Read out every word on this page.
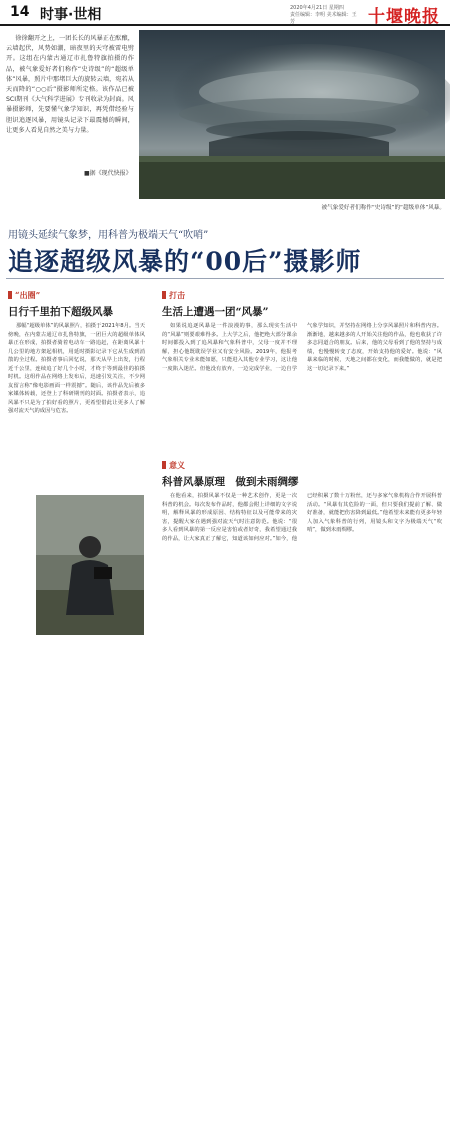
14 时事·世相	2020年4月21日 星期四
责任编辑：李明 美术编辑：王芳	十堰晚报
徐徐翻开之上，一团长长的风暴正在酝酿，云墙起伏，风势如潮，暗夜里的天穹被雷电劈开。这组在内蒙古通辽市扎鲁特旗拍摄的作品，被气象爱好者们称作“史诗级”的“超级单体”风暴，照片中那堵巨大的旋转云墙，宛若从天而降的“○○后”摄影师所定格。该作品已被SCI期刊《大气科学进展》专刊收录为封面。风暴摄影师，先要懂气象学知识，再凭借经验与胆识追逐风暴，用镜头记录下最震撼的瞬间，让更多人看见自然之美与力量。
■据《现代快报》
被气象爱好者们称作“史诗级”的“超级单体”风暴。
用镜头延续气象梦，用科普为极端天气“吹哨”
追逐超级风暴的“00后”摄影师
“出圈”
日行千里拍下超级风暴
那幅“超级单体”的风暴照片，拍摄于2021年8月。当天傍晚，在内蒙古通辽市扎鲁特旗，一团巨大的超级单体风暴正在形成，拍摄者骑着电动车一路追赶，在距离风暴十几公里的地方架起相机，用延时摄影记录下它从生成到消散的全过程。拍摄者事后回忆说，那天从早上出发，行程近千公里，连续追了好几个小时，才终于等到最佳的拍摄时机。这组作品在网络上发布后，迅速引发关注，不少网友留言称“像电影画面一样震撼”。随后，该作品先后被多家媒体转载，还登上了科研期刊的封面。拍摄者表示，追风暴不只是为了拍好看的照片，更希望借此让更多人了解强对流天气的成因与危害。
“追风”的年轻人
打击
生活上遭遇一团“风暴”
如果说追逐风暴是一件浪漫的事，那么现实生活中的“风暴”则要艰难得多。上大学之后，他把绝大部分课余时间都投入到了追风暴和气象科普中，父母一度并不理解，担心他既耽误学业又有安全风险。2019年，他报考气象相关专业未能如愿，只能进入其他专业学习，这让他一度陷入迷茫。但他没有放弃，一边完成学业，一边自学气象学知识，并坚持在网络上分享风暴照片和科普内容。渐渐地，越来越多的人开始关注他的作品，他也收获了许多志同道合的朋友。后来，他的父母看到了他的坚持与成绩，也慢慢转变了态度，开始支持他的爱好。他说：“风暴来临的时候，天地之间都在变化，而我能做的，就是把这一切记录下来。”
意义
科普风暴原理　做到未雨绸缪
在他看来，拍摄风暴不仅是一种艺术创作，更是一次科普的机会。每次发布作品时，他都会附上详细的文字说明，解释风暴的形成原因、结构特征以及可能带来的灾害，提醒大家在遇到强对流天气时注意防范。他说：“很多人看到风暴的第一反应是害怕或者好奇，我希望通过我的作品，让大家真正了解它，知道该如何应对。”如今，他已经积累了数十万粉丝，还与多家气象机构合作开展科普活动。“风暴有其危险的一面，但只要我们提前了解、做好准备，就能把伤害降到最低。”他希望未来能有更多年轻人加入气象科普的行列，用镜头和文字为极端天气“吹哨”，做到未雨绸缪。
